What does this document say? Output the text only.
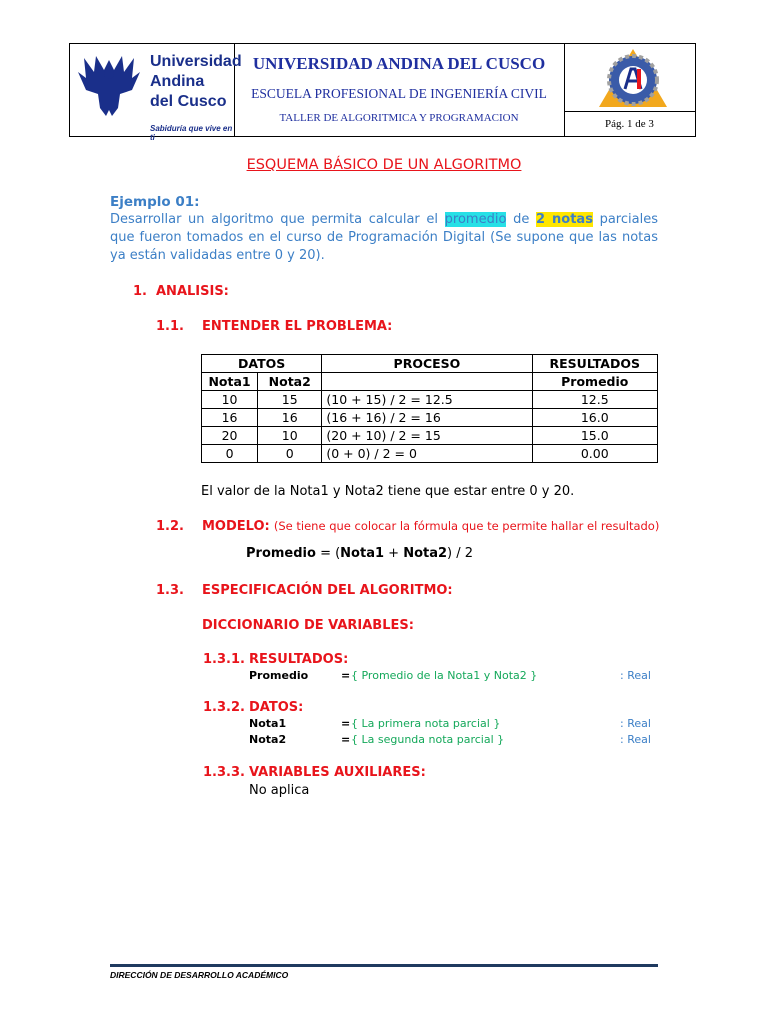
Universidad
Andina
del Cusco
Sabiduría que vive en ti
UNIVERSIDAD ANDINA DEL CUSCO
ESCUELA PROFESIONAL DE INGENIERÍA CIVIL
TALLER DE ALGORITMICA Y PROGRAMACION	Pág. 1 de 3
ESQUEMA BÁSICO DE UN ALGORITMO
Ejemplo 01:
Desarrollar un algoritmo que permita calcular el promedio de 2 notas parciales que fueron tomados en el curso de Programación Digital (Se supone que las notas ya están validadas entre 0 y 20).
1. ANALISIS:
1.1. ENTENDER EL PROBLEMA:
DATOS		PROCESO	RESULTADOS
Nota1	Nota2		Promedio
10	15	(10 + 15) / 2 = 12.5	12.5
16	16	(16 + 16) / 2 = 16	16.0
20	10	(20 + 10) / 2 = 15	15.0
0	0	(0 + 0) / 2 = 0	0.00
El valor de la Nota1 y Nota2 tiene que estar entre 0 y 20.
1.2. MODELO: (Se tiene que colocar la fórmula que te permite hallar el resultado)
Promedio = (Nota1 + Nota2) / 2
1.3. ESPECIFICACIÓN DEL ALGORITMO:
DICCIONARIO DE VARIABLES:
1.3.1. RESULTADOS:
Promedio	= { Promedio de la Nota1 y Nota2 }	: Real
1.3.2. DATOS:
Nota1	= { La primera nota parcial }	: Real
Nota2	= { La segunda nota parcial }	: Real
1.3.3. VARIABLES AUXILIARES:
No aplica
DIRECCIÓN DE DESARROLLO ACADÉMICO
